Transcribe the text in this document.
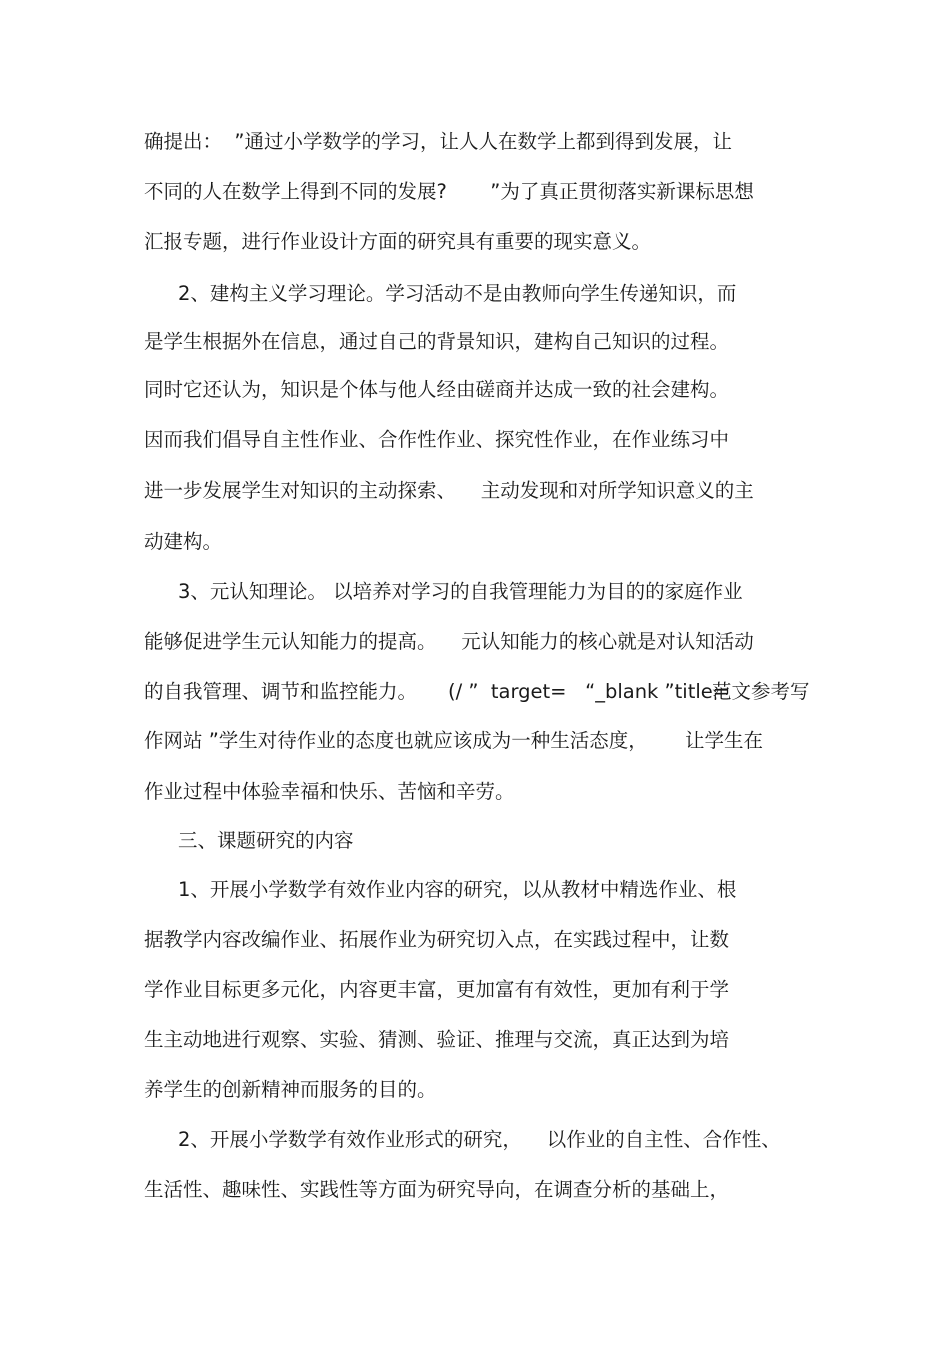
确提出：  ”通过小学数学的学习，让人人在数学上都到得到发展，让
不同的人在数学上得到不同的发展?       ”为了真正贯彻落实新课标思想
汇报专题，进行作业设计方面的研究具有重要的现实意义。
2、建构主义学习理论。学习活动不是由教师向学生传递知识，而
是学生根据外在信息，通过自己的背景知识，建构自己知识的过程。
同时它还认为，知识是个体与他人经由磋商并达成一致的社会建构。
因而我们倡导自主性作业、合作性作业、探究性作业，在作业练习中
进一步发展学生对知识的主动探索、    主动发现和对所学知识意义的主
动建构。
3、元认知理论。 以培养对学习的自我管理能力为目的的家庭作业
能够促进学生元认知能力的提高。    元认知能力的核心就是对认知活动
的自我管理、调节和监控能力。     (/ ”  target=   “_blank ”title=
范文参考写
作网站 ”学生对待作业的态度也就应该成为一种生活态度，      让学生在
作业过程中体验幸福和快乐、苦恼和辛劳。
三、课题研究的内容
1、开展小学数学有效作业内容的研究，以从教材中精选作业、根
据教学内容改编作业、拓展作业为研究切入点，在实践过程中，让数
学作业目标更多元化，内容更丰富，更加富有有效性，更加有利于学
生主动地进行观察、实验、猜测、验证、推理与交流，真正达到为培
养学生的创新精神而服务的目的。
2、开展小学数学有效作业形式的研究，    以作业的自主性、合作性、
生活性、趣味性、实践性等方面为研究导向，在调查分析的基础上，
